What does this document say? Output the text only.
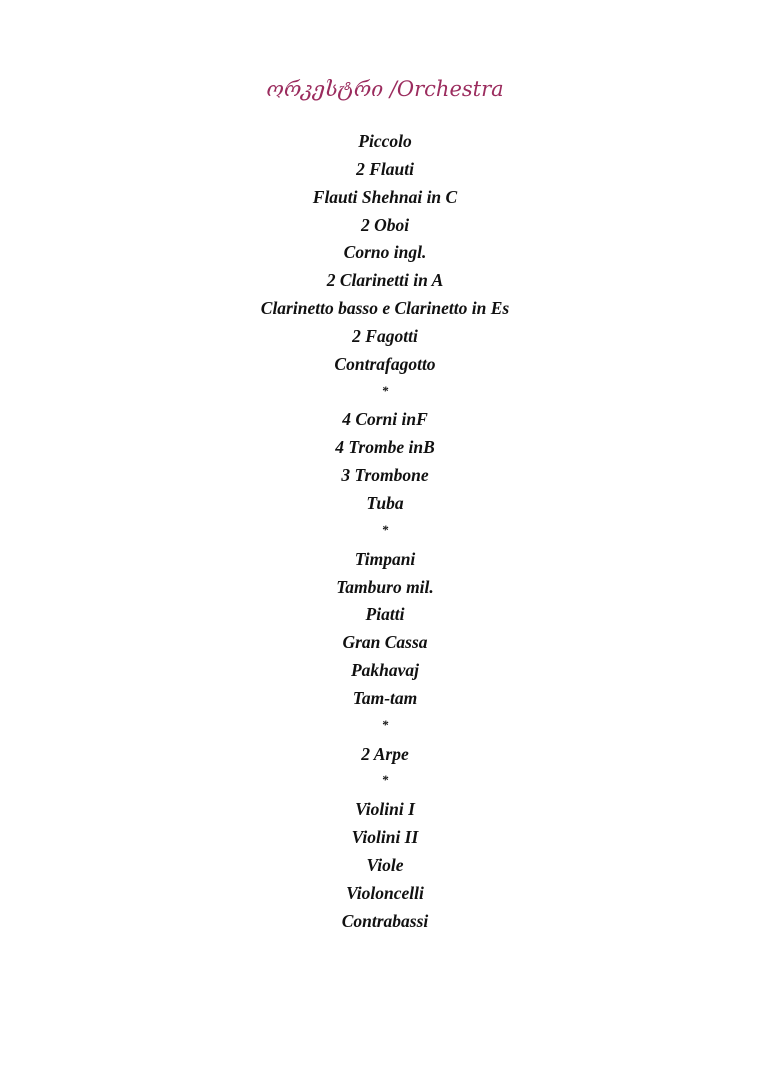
ორკესტრი /Orchestra
Piccolo
2 Flauti
Flauti Shehnai in C
2 Oboi
Corno ingl.
2 Clarinetti in A
Clarinetto basso e Clarinetto in Es
2 Fagotti
Contrafagotto
*
4 Corni inF
4 Trombe inB
3 Trombone
Tuba
*
Timpani
Tamburo mil.
Piatti
Gran Cassa
Pakhavaj
Tam-tam
*
2 Arpe
*
Violini I
Violini II
Viole
Violoncelli
Contrabassi
